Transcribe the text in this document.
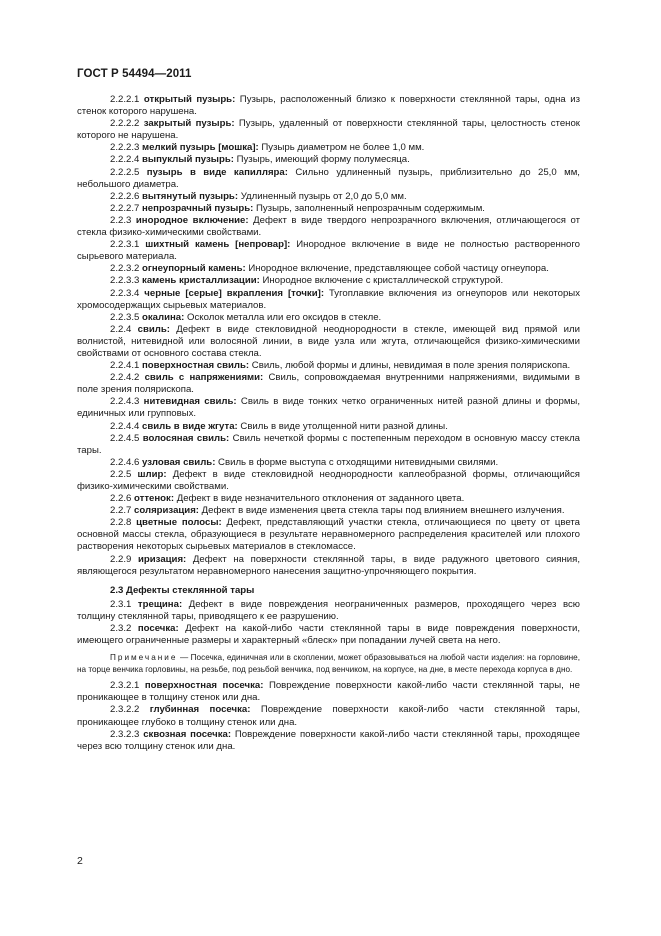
ГОСТ Р 54494—2011

2.2.2.1 открытый пузырь: Пузырь, расположенный близко к поверхности стеклянной тары, одна из стенок которого нарушена.

2.2.2.2 закрытый пузырь: Пузырь, удаленный от поверхности стеклянной тары, целостность стенок которого не нарушена.

2.2.2.3 мелкий пузырь [мошка]: Пузырь диаметром не более 1,0 мм.

2.2.2.4 выпуклый пузырь: Пузырь, имеющий форму полумесяца.

2.2.2.5 пузырь в виде капилляра: Сильно удлиненный пузырь, приблизительно до 25,0 мм, небольшого диаметра.

2.2.2.6 вытянутый пузырь: Удлиненный пузырь от 2,0 до 5,0 мм.

2.2.2.7 непрозрачный пузырь: Пузырь, заполненный непрозрачным содержимым.

2.2.3 инородное включение: Дефект в виде твердого непрозрачного включения, отличающегося от стекла физико-химическими свойствами.

2.2.3.1 шихтный камень [непровар]: Инородное включение в виде не полностью растворенного сырьевого материала.

2.2.3.2 огнеупорный камень: Инородное включение, представляющее собой частицу огнеупора.

2.2.3.3 камень кристаллизации: Инородное включение с кристаллической структурой.

2.2.3.4 черные [серые] вкрапления [точки]: Тугоплавкие включения из огнеупоров или некоторых хромосодержащих сырьевых материалов.

2.2.3.5 окалина: Осколок металла или его оксидов в стекле.

2.2.4 свиль: Дефект в виде стекловидной неоднородности в стекле, имеющей вид прямой или волнистой, нитевидной или волосяной линии, в виде узла или жгута, отличающейся физико-химическими свойствами от основного состава стекла.

2.2.4.1 поверхностная свиль: Свиль, любой формы и длины, невидимая в поле зрения полярископа.

2.2.4.2 свиль с напряжениями: Свиль, сопровождаемая внутренними напряжениями, видимыми в поле зрения полярископа.

2.2.4.3 нитевидная свиль: Свиль в виде тонких четко ограниченных нитей разной длины и формы, единичных или групповых.

2.2.4.4 свиль в виде жгута: Свиль в виде утолщенной нити разной длины.

2.2.4.5 волосяная свиль: Свиль нечеткой формы с постепенным переходом в основную массу стекла тары.

2.2.4.6 узловая свиль: Свиль в форме выступа с отходящими нитевидными свилями.

2.2.5 шлир: Дефект в виде стекловидной неоднородности каплеобразной формы, отличающийся физико-химическими свойствами.

2.2.6 оттенок: Дефект в виде незначительного отклонения от заданного цвета.

2.2.7 соляризация: Дефект в виде изменения цвета стекла тары под влиянием внешнего излучения.

2.2.8 цветные полосы: Дефект, представляющий участки стекла, отличающиеся по цвету от цвета основной массы стекла, образующиеся в результате неравномерного распределения красителей или плохого растворения некоторых сырьевых материалов в стекломассе.

2.2.9 иризация: Дефект на поверхности стеклянной тары, в виде радужного цветового сияния, являющегося результатом неравномерного нанесения защитно-упрочняющего покрытия.

2.3 Дефекты стеклянной тары

2.3.1 трещина: Дефект в виде повреждения неограниченных размеров, проходящего через всю толщину стеклянной тары, приводящего к ее разрушению.

2.3.2 посечка: Дефект на какой-либо части стеклянной тары в виде повреждения поверхности, имеющего ограниченные размеры и характерный «блеск» при попадании лучей света на него.

Примечание — Посечка, единичная или в скоплении, может образовываться на любой части изделия: на горловине, на торце венчика горловины, на резьбе, под резьбой венчика, под венчиком, на корпусе, на дне, в месте перехода корпуса в дно.

2.3.2.1 поверхностная посечка: Повреждение поверхности какой-либо части стеклянной тары, не проникающее в толщину стенок или дна.

2.3.2.2 глубинная посечка: Повреждение поверхности какой-либо части стеклянной тары, проникающее глубоко в толщину стенок или дна.

2.3.2.3 сквозная посечка: Повреждение поверхности какой-либо части стеклянной тары, проходящее через всю толщину стенок или дна.

2
